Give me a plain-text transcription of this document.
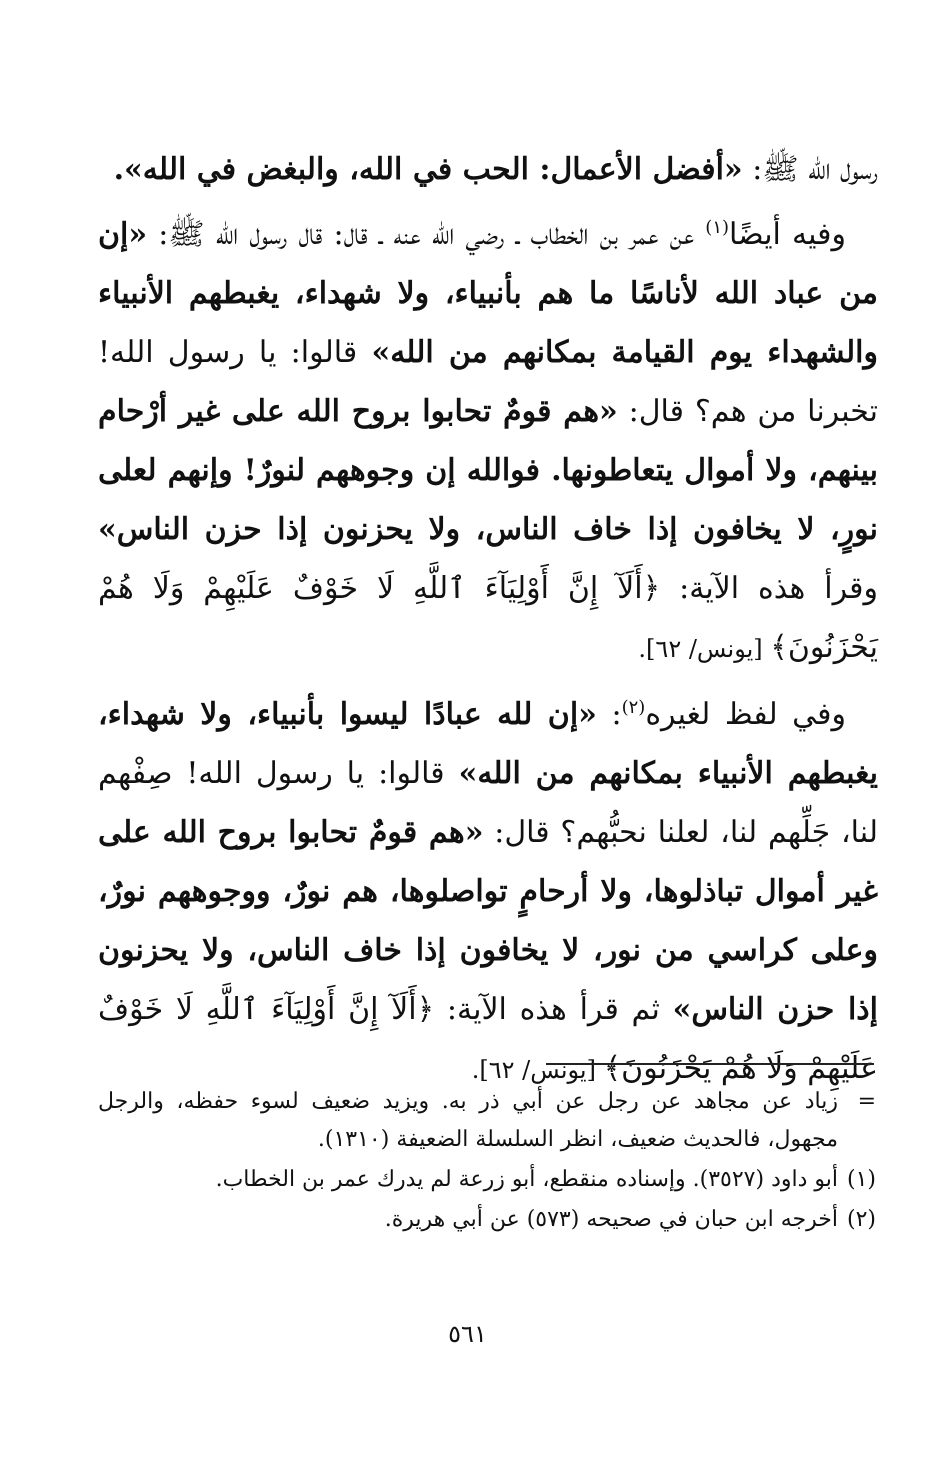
رسول الله ﷺ: «أفضل الأعمال: الحب في الله، والبغض في الله».

وفيه أيضًا$^{(١)}$ عن عمر بن الخطاب ـ رضي الله عنه ـ قال: قال رسول الله ﷺ: «إن من عباد الله لأناسًا ما هم بأنبياء، ولا شهداء، يغبطهم الأنبياء والشهداء يوم القيامة بمكانهم من الله» قالوا: يا رسول الله! تخبرنا من هم؟ قال: «هم قومٌ تحابوا بروح الله على غير أرْحام بينهم، ولا أموال يتعاطونها. فوالله إن وجوههم لنورٌ! وإنهم لعلى نورٍ، لا يخافون إذا خاف الناس، ولا يحزنون إذا حزن الناس» وقرأ هذه الآية: ﴿أَلَآ إِنَّ أَوْلِيَآءَ ٱللَّهِ لَا خَوْفٌ عَلَيْهِمْ وَلَا هُمْ يَحْزَنُونَ﴾ [يونس/ ٦٢].

وفي لفظ لغيره$^{(٢)}$: «إن لله عبادًا ليسوا بأنبياء، ولا شهداء، يغبطهم الأنبياء بمكانهم من الله» قالوا: يا رسول الله! صِفْهم لنا، جَلِّهم لنا، لعلنا نحبُّهم؟ قال: «هم قومٌ تحابوا بروح الله على غير أموال تباذلوها، ولا أرحامٍ تواصلوها، هم نورٌ، ووجوههم نورٌ، وعلى كراسي من نور، لا يخافون إذا خاف الناس، ولا يحزنون إذا حزن الناس» ثم قرأ هذه الآية: ﴿أَلَآ إِنَّ أَوْلِيَآءَ ٱللَّهِ لَا خَوْفٌ عَلَيْهِمْ وَلَا هُمْ يَحْزَنُونَ﴾ [يونس/ ٦٢].

=
زياد عن مجاهد عن رجل عن أبي ذر به. ويزيد ضعيف لسوء حفظه، والرجل مجهول، فالحديث ضعيف، انظر السلسلة الضعيفة (١٣١٠).

(١)
أبو داود (٣٥٢٧). وإسناده منقطع، أبو زرعة لم يدرك عمر بن الخطاب.

(٢)
أخرجه ابن حبان في صحيحه (٥٧٣) عن أبي هريرة.

٥٦١
